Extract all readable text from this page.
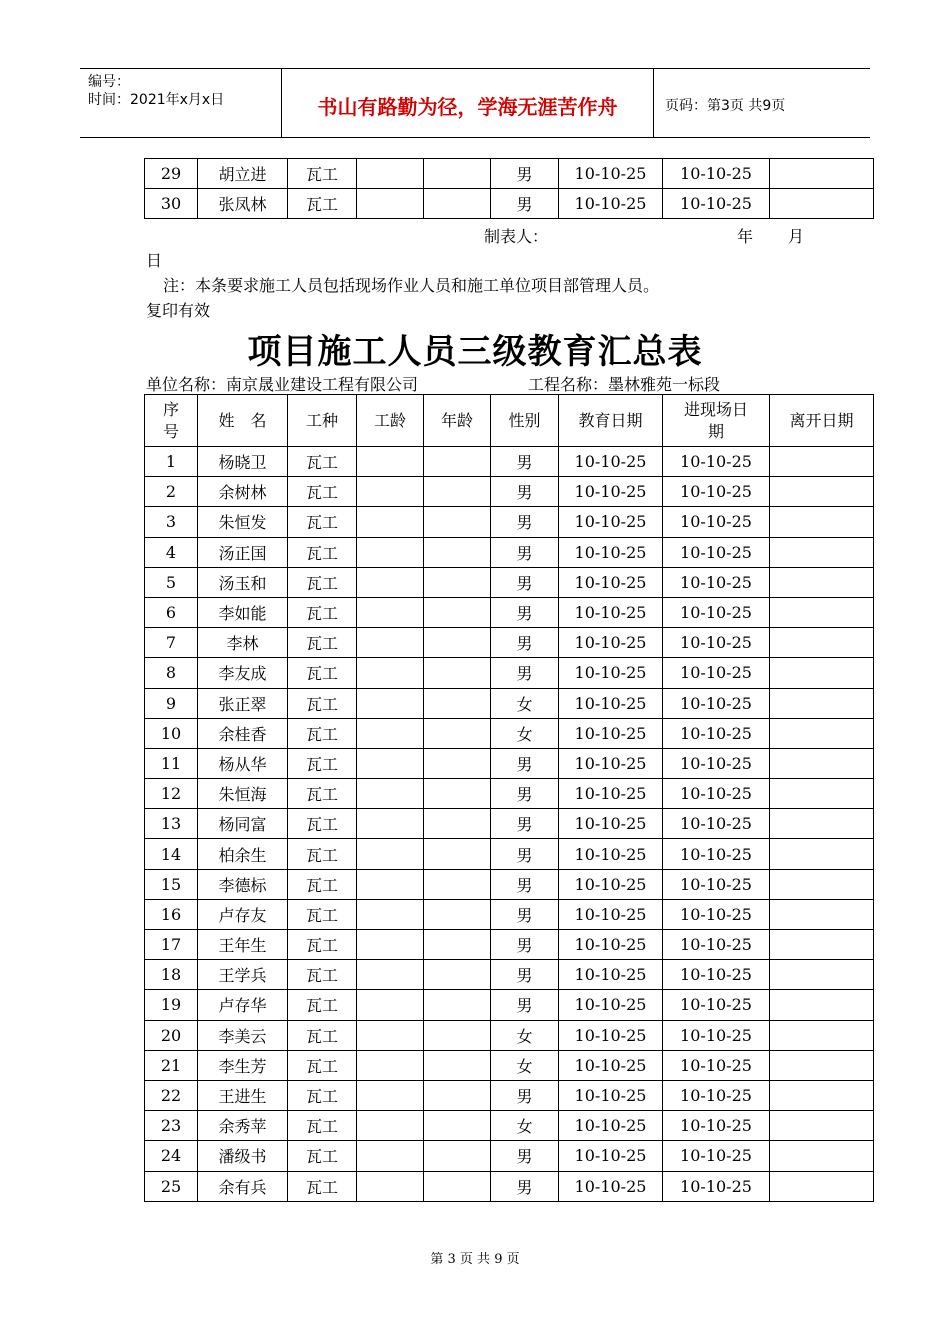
编号：
时间：2021年x月x日	书山有路勤为径，学海无涯苦作舟	页码：第3页 共9页
29	胡立进	瓦工			男	10-10-25	10-10-25	
30	张凤林	瓦工			男	10-10-25	10-10-25	
制表人：	年 月
日
注：本条要求施工人员包括现场作业人员和施工单位项目部管理人员。
复印有效
项目施工人员三级教育汇总表
单位名称：南京晟业建设工程有限公司	工程名称：墨林雅苑一标段
序号	姓　名	工种	工龄	年龄	性别	教育日期	进现场日期	离开日期
1	杨晓卫	瓦工			男	10-10-25	10-10-25	
2	余树林	瓦工			男	10-10-25	10-10-25	
3	朱恒发	瓦工			男	10-10-25	10-10-25	
4	汤正国	瓦工			男	10-10-25	10-10-25	
5	汤玉和	瓦工			男	10-10-25	10-10-25	
6	李如能	瓦工			男	10-10-25	10-10-25	
7	李林	瓦工			男	10-10-25	10-10-25	
8	李友成	瓦工			男	10-10-25	10-10-25	
9	张正翠	瓦工			女	10-10-25	10-10-25	
10	余桂香	瓦工			女	10-10-25	10-10-25	
11	杨从华	瓦工			男	10-10-25	10-10-25	
12	朱恒海	瓦工			男	10-10-25	10-10-25	
13	杨同富	瓦工			男	10-10-25	10-10-25	
14	柏余生	瓦工			男	10-10-25	10-10-25	
15	李德标	瓦工			男	10-10-25	10-10-25	
16	卢存友	瓦工			男	10-10-25	10-10-25	
17	王年生	瓦工			男	10-10-25	10-10-25	
18	王学兵	瓦工			男	10-10-25	10-10-25	
19	卢存华	瓦工			男	10-10-25	10-10-25	
20	李美云	瓦工			女	10-10-25	10-10-25	
21	李生芳	瓦工			女	10-10-25	10-10-25	
22	王进生	瓦工			男	10-10-25	10-10-25	
23	余秀苹	瓦工			女	10-10-25	10-10-25	
24	潘级书	瓦工			男	10-10-25	10-10-25	
25	余有兵	瓦工			男	10-10-25	10-10-25	
第 3 页 共 9 页
